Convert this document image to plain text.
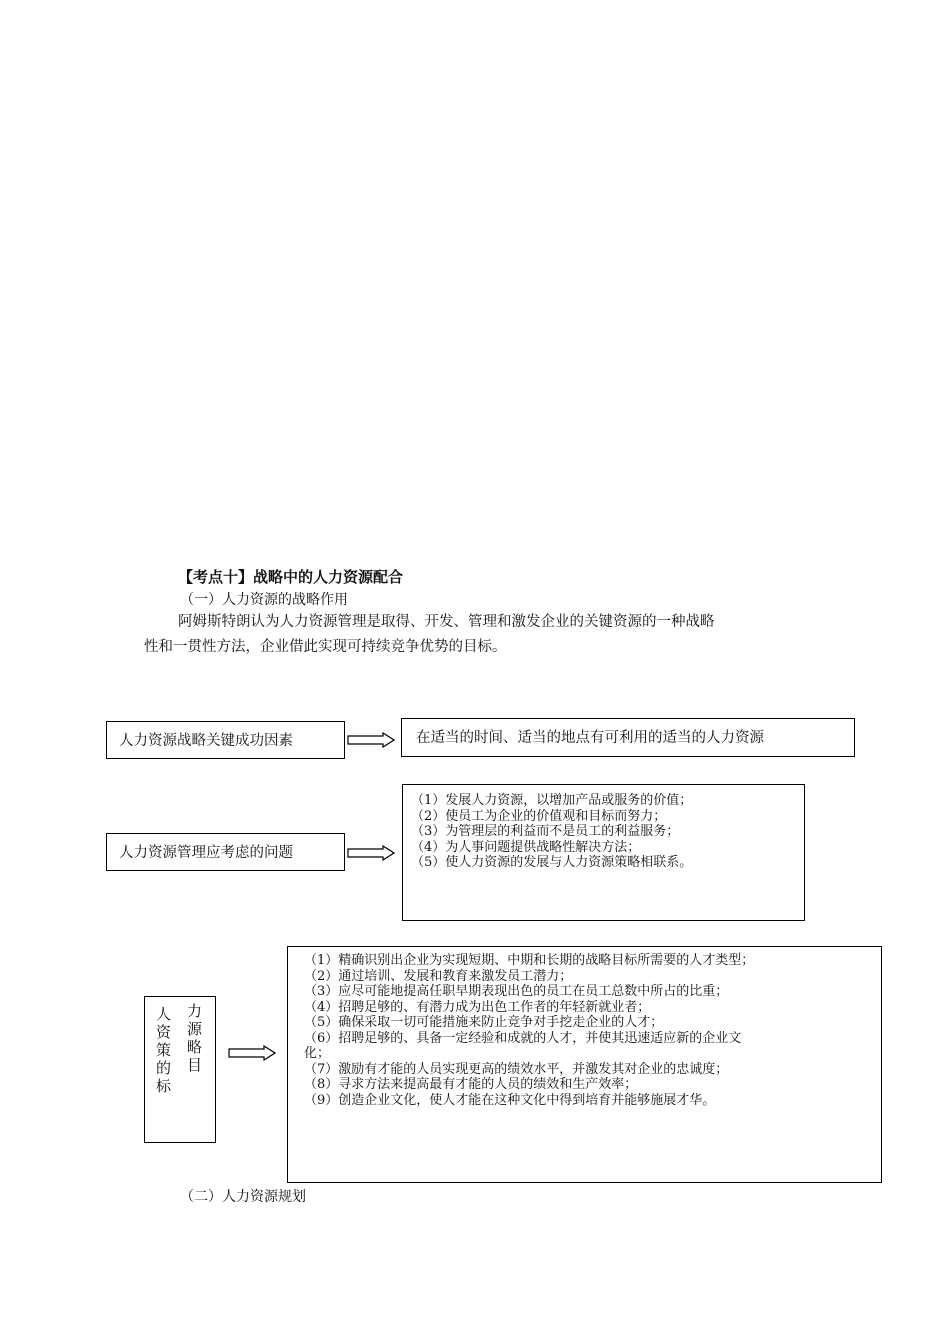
【考点十】战略中的人力资源配合
（一）人力资源的战略作用
阿姆斯特朗认为人力资源管理是取得、开发、管理和激发企业的关键资源的一种战略
性和一贯性方法，企业借此实现可持续竞争优势的目标。
人力资源战略关键成功因素	在适当的时间、适当的地点有可利用的适当的人力资源
人力资源管理应考虑的问题
（1）发展人力资源，以增加产品或服务的价值；
（2）使员工为企业的价值观和目标而努力；
（3）为管理层的利益而不是员工的利益服务；
（4）为人事问题提供战略性解决方法；
（5）使人力资源的发展与人力资源策略相联系。
人
资
策
的
标
力
源
略
目
（1）精确识别出企业为实现短期、中期和长期的战略目标所需要的人才类型；
（2）通过培训、发展和教育来激发员工潜力；
（3）应尽可能地提高任职早期表现出色的员工在员工总数中所占的比重；
（4）招聘足够的、有潜力成为出色工作者的年轻新就业者；
（5）确保采取一切可能措施来防止竞争对手挖走企业的人才；
（6）招聘足够的、具备一定经验和成就的人才，并使其迅速适应新的企业文
化；
（7）激励有才能的人员实现更高的绩效水平，并激发其对企业的忠诚度；
（8）寻求方法来提高最有才能的人员的绩效和生产效率；
（9）创造企业文化，使人才能在这种文化中得到培育并能够施展才华。
（二）人力资源规划
